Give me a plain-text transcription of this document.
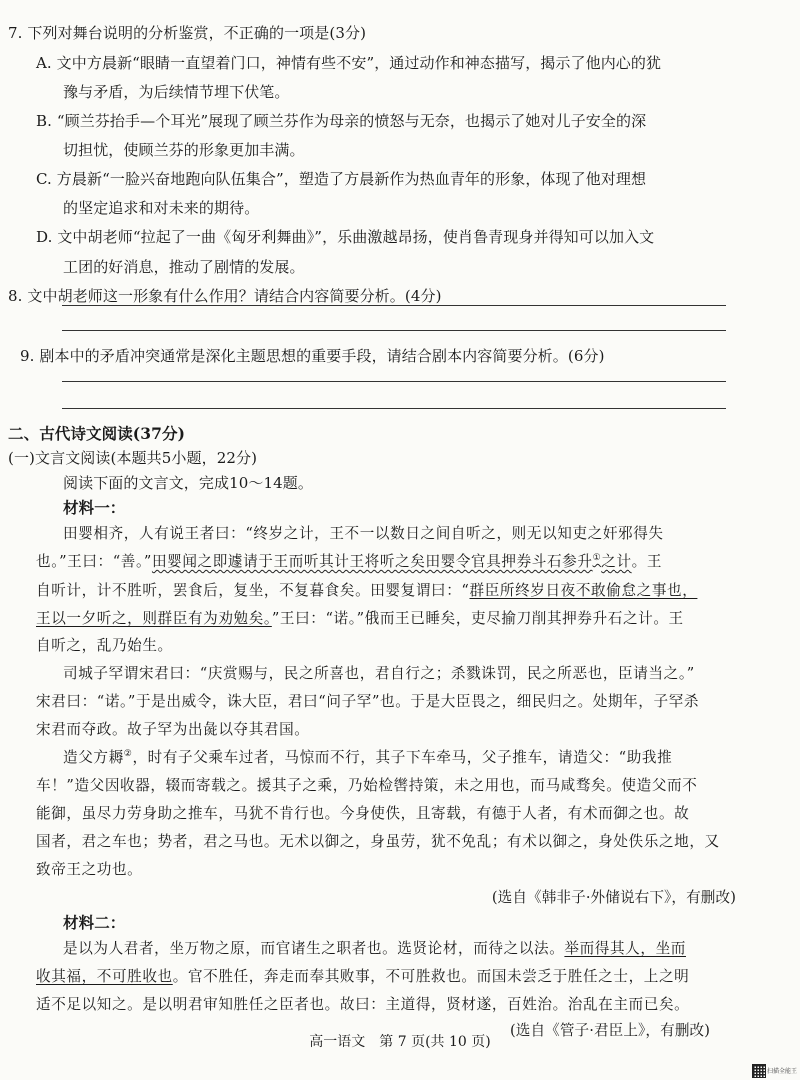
7. 下列对舞台说明的分析鉴赏，不正确的一项是(3分)
A. 文中方晨新“眼睛一直望着门口，神情有些不安”，通过动作和神态描写，揭示了他内心的犹
豫与矛盾，为后续情节埋下伏笔。
B. “顾兰芬抬手—个耳光”展现了顾兰芬作为母亲的愤怒与无奈，也揭示了她对儿子安全的深
切担忧，使顾兰芬的形象更加丰满。
C. 方晨新“一脸兴奋地跑向队伍集合”，塑造了方晨新作为热血青年的形象，体现了他对理想
的坚定追求和对未来的期待。
D. 文中胡老师“拉起了一曲《匈牙利舞曲》”，乐曲激越昂扬，使肖鲁青现身并得知可以加入文
工团的好消息，推动了剧情的发展。
8. 文中胡老师这一形象有什么作用？请结合内容简要分析。(4分)
9. 剧本中的矛盾冲突通常是深化主题思想的重要手段，请结合剧本内容简要分析。(6分)
二、古代诗文阅读(37分)
(一)文言文阅读(本题共5小题，22分)
阅读下面的文言文，完成10～14题。
材料一：
田婴相齐，人有说王者曰：“终岁之计，王不一以数日之间自听之，则无以知吏之奸邪得失
也。”王曰：“善。”田婴闻之即遽请于王而听其计王将听之矣田婴令官具押券斗石参升①之计。王
自听计，计不胜听，罢食后，复坐，不复暮食矣。田婴复谓曰：“群臣所终岁日夜不敢偷怠之事也，
王以一夕听之，则群臣有为劝勉矣。”王曰：“诺。”俄而王已睡矣，吏尽揄刀削其押券升石之计。王
自听之，乱乃始生。
司城子罕谓宋君曰：“庆赏赐与，民之所喜也，君自行之；杀戮诛罚，民之所恶也，臣请当之。”
宋君曰：“诺。”于是出威令，诛大臣，君曰“问子罕”也。于是大臣畏之，细民归之。处期年，子罕杀
宋君而夺政。故子罕为出彘以夺其君国。
造父方耨②，时有子父乘车过者，马惊而不行，其子下车牵马，父子推车，请造父：“助我推
车！”造父因收器，辍而寄载之。援其子之乘，乃始检辔持策，未之用也，而马咸骛矣。使造父而不
能御，虽尽力劳身助之推车，马犹不肯行也。今身使佚，且寄载，有德于人者，有术而御之也。故
国者，君之车也；势者，君之马也。无术以御之，身虽劳，犹不免乱；有术以御之，身处佚乐之地，又
致帝王之功也。
(选自《韩非子·外储说右下》，有删改)
材料二：
是以为人君者，坐万物之原，而官诸生之职者也。选贤论材，而待之以法。举而得其人，坐而
收其福，不可胜收也。官不胜任，奔走而奉其败事，不可胜救也。而国未尝乏于胜任之士，上之明
适不足以知之。是以明君审知胜任之臣者也。故曰：主道得，贤材遂，百姓治。治乱在主而已矣。
(选自《管子·君臣上》，有删改)
高一语文　第 7 页(共 10 页)
扫描全能王
